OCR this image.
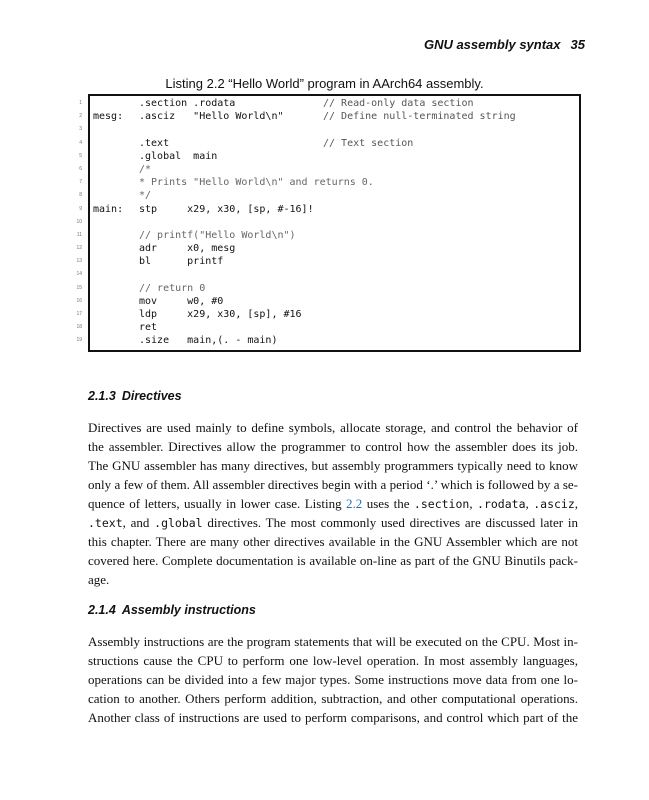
GNU assembly syntax 35
Listing 2.2 “Hello World” program in AArch64 assembly.
1
2
3
4
5
6
7
8
9
10
11
12
13
14
15
16
17
18
19
.section .rodata	// Read-only data section
mesg: .asciz   "Hello World\n"	// Define null-terminated string
.text	// Text section
.global  main
/*
* Prints "Hello World\n" and returns 0.
*/
main: stp     x29, x30, [sp, #-16]!
// printf("Hello World\n")
adr     x0, mesg
bl      printf
// return 0
mov     w0, #0
ldp     x29, x30, [sp], #16
ret
.size   main,(. - main)
2.1.3 Directives
Directives are used mainly to define symbols, allocate storage, and control the behavior of
the assembler. Directives allow the programmer to control how the assembler does its job.
The GNU assembler has many directives, but assembly programmers typically need to know
only a few of them. All assembler directives begin with a period ‘.’ which is followed by a se-
quence of letters, usually in lower case. Listing 2.2 uses the .section, .rodata, .asciz,
.text, and .global directives. The most commonly used directives are discussed later in
this chapter. There are many other directives available in the GNU Assembler which are not
covered here. Complete documentation is available on-line as part of the GNU Binutils pack-
age.
2.1.4 Assembly instructions
Assembly instructions are the program statements that will be executed on the CPU. Most in-
structions cause the CPU to perform one low-level operation. In most assembly languages,
operations can be divided into a few major types. Some instructions move data from one lo-
cation to another. Others perform addition, subtraction, and other computational operations.
Another class of instructions are used to perform comparisons, and control which part of the
